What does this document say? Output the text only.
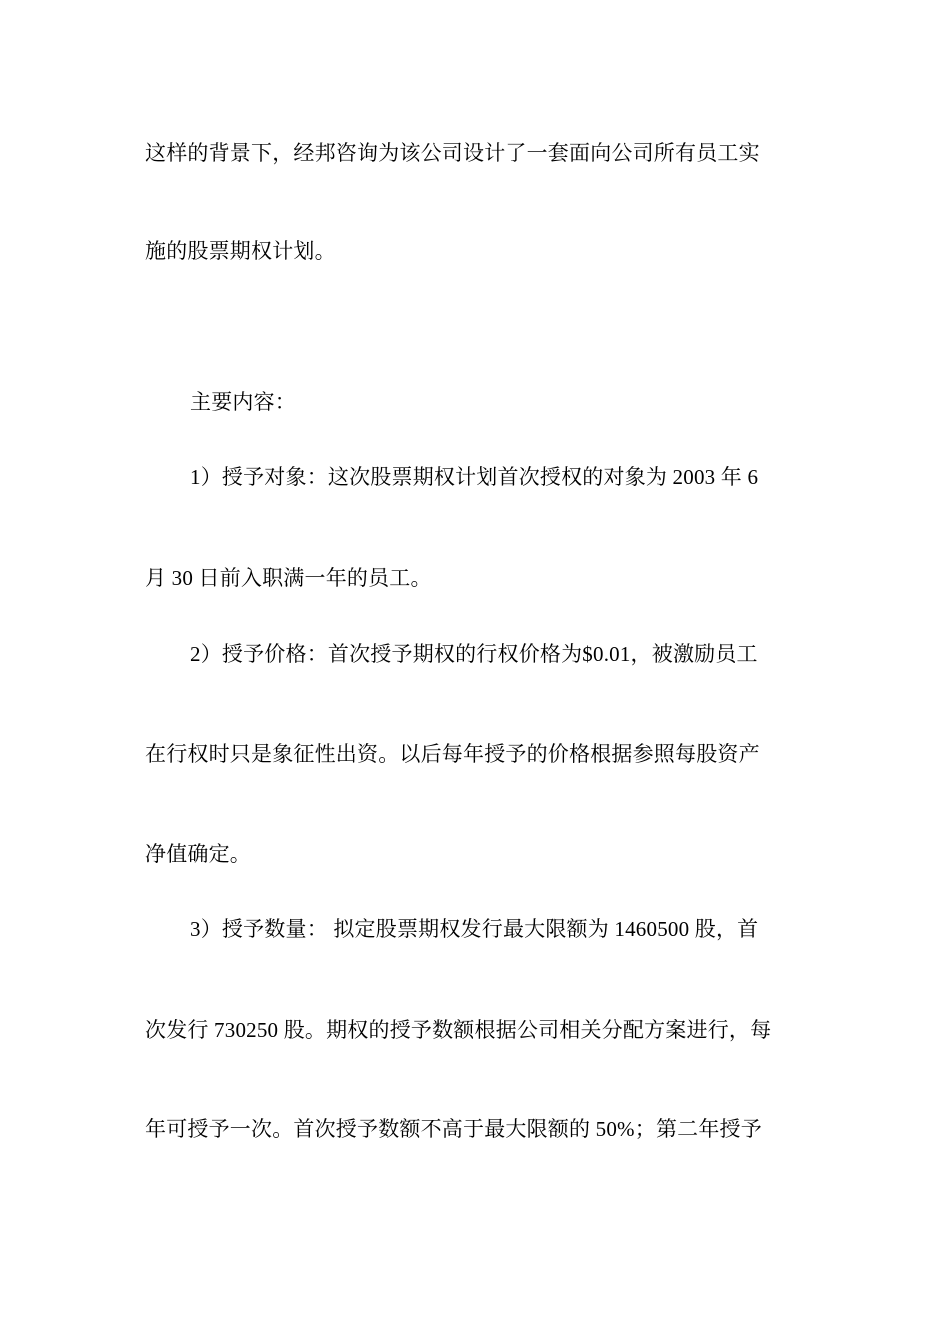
这样的背景下，经邦咨询为该公司设计了一套面向公司所有员工实
施的股票期权计划。
主要内容：
1）授予对象：这次股票期权计划首次授权的对象为 2003 年 6
月 30 日前入职满一年的员工。
2）授予价格：首次授予期权的行权价格为$0.01，被激励员工
在行权时只是象征性出资。以后每年授予的价格根据参照每股资产
净值确定。
3）授予数量： 拟定股票期权发行最大限额为 1460500 股，首
次发行 730250 股。期权的授予数额根据公司相关分配方案进行，每
年可授予一次。首次授予数额不高于最大限额的 50%；第二年授予
